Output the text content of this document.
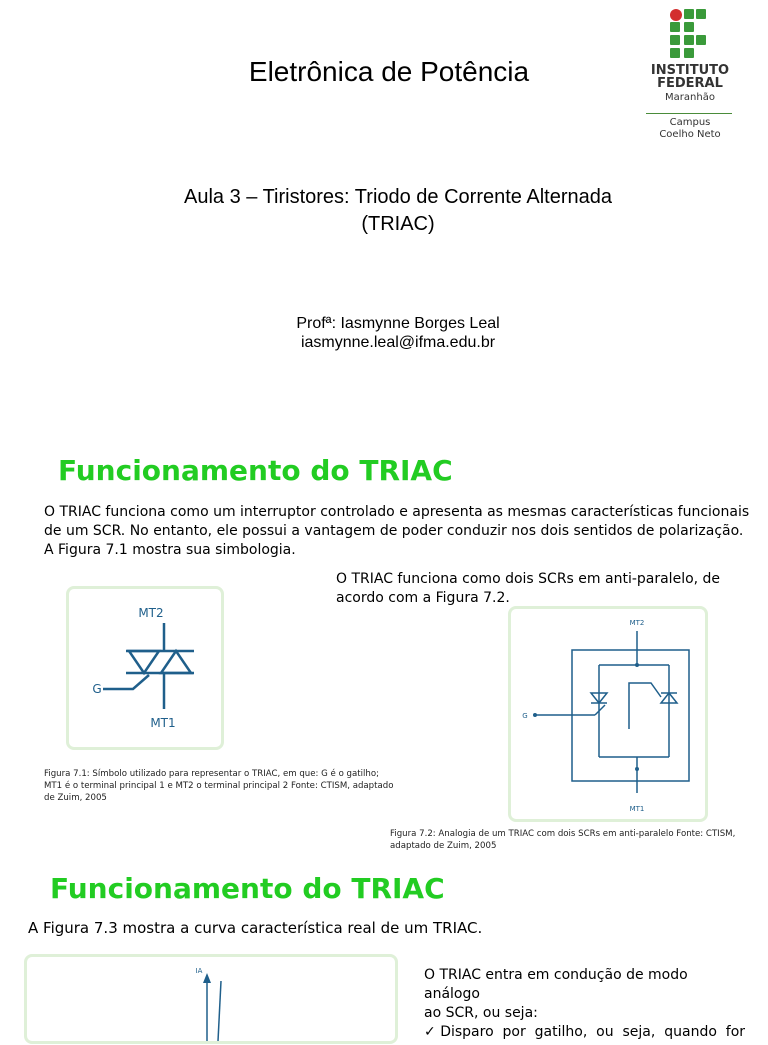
Eletrônica de Potência	INSTITUTO
FEDERAL
Maranhão
Campus
Coelho Neto
Aula 3 – Tiristores: Triodo de Corrente Alternada
(TRIAC)
Profª: Iasmynne Borges Leal
iasmynne.leal@ifma.edu.br
Funcionamento do TRIAC
O TRIAC funciona como um interruptor controlado e apresenta as mesmas características funcionais
de um SCR. No entanto, ele possui a vantagem de poder conduzir nos dois sentidos de polarização.
A Figura 7.1 mostra sua simbologia.
O TRIAC funciona como dois SCRs em anti-paralelo, de
acordo com a Figura 7.2.
MT2
G
MT1
Figura 7.1: Símbolo utilizado para representar o TRIAC, em que: G é o gatilho;
MT1 é o terminal principal 1 e MT2 o terminal principal 2 Fonte: CTISM, adaptado
de Zuim, 2005
MT2
G
MT1
Figura 7.2: Analogia de um TRIAC com dois SCRs em anti-paralelo Fonte: CTISM,
adaptado de Zuim, 2005
Funcionamento do TRIAC
A Figura 7.3 mostra a curva característica real de um TRIAC.
IA	O TRIAC entra em condução de modo análogo
ao SCR, ou seja:
✓ Disparo  por  gatilho,  ou  seja,  quando  for
